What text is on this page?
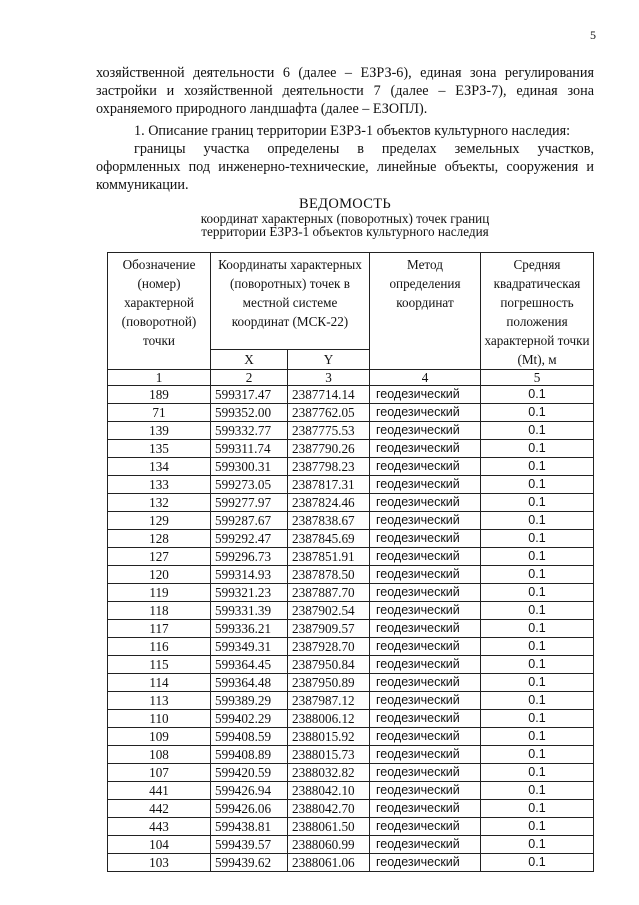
5
хозяйственной деятельности 6 (далее – ЕЗРЗ-6), единая зона регулирования застройки и хозяйственной деятельности 7 (далее – ЕЗРЗ-7), единая зона охраняемого природного ландшафта (далее – ЕЗОПЛ).
1. Описание границ территории ЕЗРЗ-1 объектов культурного наследия:
границы участка определены в пределах земельных участков, оформленных под инженерно-технические, линейные объекты, сооружения и коммуникации.
ВЕДОМОСТЬ
координат характерных (поворотных) точек границ
территории ЕЗРЗ-1 объектов культурного наследия
Обозначение (номер) характерной (поворотной) точки	Координаты характерных (поворотных) точек в местной системе координат (МСК-22)		Метод определения координат	Средняя квадратическая погрешность положения характерной точки (Mt), м
	X	Y		
1	2	3	4	5
189	599317.47	2387714.14	геодезический	0.1
71	599352.00	2387762.05	геодезический	0.1
139	599332.77	2387775.53	геодезический	0.1
135	599311.74	2387790.26	геодезический	0.1
134	599300.31	2387798.23	геодезический	0.1
133	599273.05	2387817.31	геодезический	0.1
132	599277.97	2387824.46	геодезический	0.1
129	599287.67	2387838.67	геодезический	0.1
128	599292.47	2387845.69	геодезический	0.1
127	599296.73	2387851.91	геодезический	0.1
120	599314.93	2387878.50	геодезический	0.1
119	599321.23	2387887.70	геодезический	0.1
118	599331.39	2387902.54	геодезический	0.1
117	599336.21	2387909.57	геодезический	0.1
116	599349.31	2387928.70	геодезический	0.1
115	599364.45	2387950.84	геодезический	0.1
114	599364.48	2387950.89	геодезический	0.1
113	599389.29	2387987.12	геодезический	0.1
110	599402.29	2388006.12	геодезический	0.1
109	599408.59	2388015.92	геодезический	0.1
108	599408.89	2388015.73	геодезический	0.1
107	599420.59	2388032.82	геодезический	0.1
441	599426.94	2388042.10	геодезический	0.1
442	599426.06	2388042.70	геодезический	0.1
443	599438.81	2388061.50	геодезический	0.1
104	599439.57	2388060.99	геодезический	0.1
103	599439.62	2388061.06	геодезический	0.1
